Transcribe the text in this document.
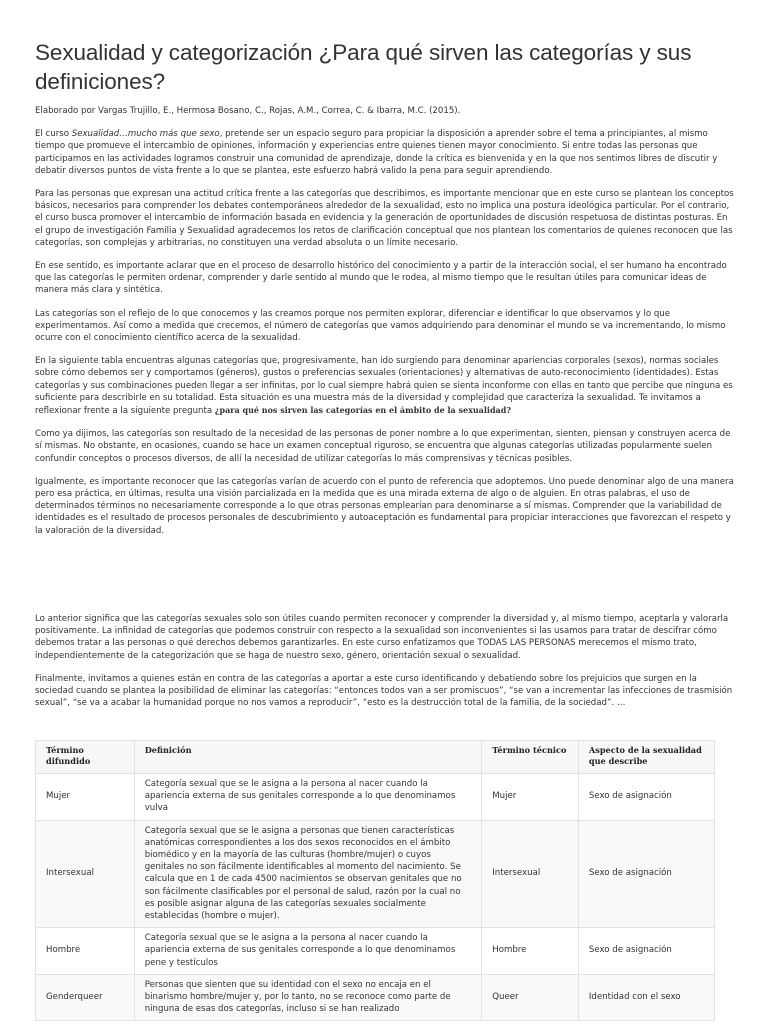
Sexualidad y categorización ¿Para qué sirven las categorías y sus definiciones?

Elaborado por Vargas Trujillo, E., Hermosa Bosano, C., Rojas, A.M., Correa, C. & Ibarra, M.C. (2015).

El curso Sexualidad…mucho más que sexo, pretende ser un espacio seguro para propiciar la disposición a aprender sobre el tema a principiantes, al mismo tiempo que promueve el intercambio de opiniones, información y experiencias entre quienes tienen mayor conocimiento. Si entre todas las personas que participamos en las actividades logramos construir una comunidad de aprendizaje, donde la crítica es bienvenida y en la que nos sentimos libres de discutir y debatir diversos puntos de vista frente a lo que se plantea, este esfuerzo habrá valido la pena para seguir aprendiendo.

Para las personas que expresan una actitud crítica frente a las categorías que describimos, es importante mencionar que en este curso se plantean los conceptos básicos, necesarios para comprender los debates contemporáneos alrededor de la sexualidad, esto no implica una postura ideológica particular. Por el contrario, el curso busca promover el intercambio de información basada en evidencia y la generación de oportunidades de discusión respetuosa de distintas posturas. En el grupo de investigación Familia y Sexualidad agradecemos los retos de clarificación conceptual que nos plantean los comentarios de quienes reconocen que las categorías, son complejas y arbitrarias, no constituyen una verdad absoluta o un límite necesario.

En ese sentido, es importante aclarar que en el proceso de desarrollo histórico del conocimiento y a partir de la interacción social, el ser humano ha encontrado que las categorías le permiten ordenar, comprender y darle sentido al mundo que le rodea, al mismo tiempo que le resultan útiles para comunicar ideas de manera más clara y sintética.

Las categorías son el reflejo de lo que conocemos y las creamos porque nos permiten explorar, diferenciar e identificar lo que observamos y lo que experimentamos. Así como a medida que crecemos, el número de categorías que vamos adquiriendo para denominar el mundo se va incrementando, lo mismo ocurre con el conocimiento científico acerca de la sexualidad.

En la siguiente tabla encuentras algunas categorías que, progresivamente, han ido surgiendo para denominar apariencias corporales (sexos), normas sociales sobre cómo debemos ser y comportamos (géneros), gustos o preferencias sexuales (orientaciones) y alternativas de auto-reconocimiento (identidades). Estas categorías y sus combinaciones pueden llegar a ser infinitas, por lo cual siempre habrá quien se sienta inconforme con ellas en tanto que percibe que ninguna es suficiente para describirle en su totalidad. Esta situación es una muestra más de la diversidad y complejidad que caracteriza la sexualidad. Te invitamos a reflexionar frente a la siguiente pregunta ¿para qué nos sirven las categorías en el ámbito de la sexualidad?

Como ya dijimos, las categorías son resultado de la necesidad de las personas de poner nombre a lo que experimentan, sienten, piensan y construyen acerca de sí mismas. No obstante, en ocasiones, cuando se hace un examen conceptual riguroso, se encuentra que algunas categorías utilizadas popularmente suelen confundir conceptos o procesos diversos, de allí la necesidad de utilizar categorías lo más comprensivas y técnicas posibles.

Igualmente, es importante reconocer que las categorías varían de acuerdo con el punto de referencia que adoptemos. Uno puede denominar algo de una manera pero esa práctica, en últimas, resulta una visión parcializada en la medida que es una mirada externa de algo o de alguien. En otras palabras, el uso de determinados términos no necesariamente corresponde a lo que otras personas emplearían para denominarse a sí mismas. Comprender que la variabilidad de identidades es el resultado de procesos personales de descubrimiento y autoaceptación es fundamental para propiciar interacciones que favorezcan el respeto y la valoración de la diversidad.

Lo anterior significa que las categorías sexuales solo son útiles cuando permiten reconocer y comprender la diversidad y, al mismo tiempo, aceptarla y valorarla positivamente. La infinidad de categorías que podemos construir con respecto a la sexualidad son inconvenientes si las usamos para tratar de descifrar cómo debemos tratar a las personas o qué derechos debemos garantizarles. En este curso enfatizamos que TODAS LAS PERSONAS merecemos el mismo trato, independientemente de la categorización que se haga de nuestro sexo, género, orientación sexual o sexualidad.

Finalmente, invitamos a quienes están en contra de las categorías a aportar a este curso identificando y debatiendo sobre los prejuicios que surgen en la sociedad cuando se plantea la posibilidad de eliminar las categorías: “entonces todos van a ser promiscuos”, “se van a incrementar las infecciones de trasmisión sexual”, “se va a acabar la humanidad porque no nos vamos a reproducir”, “esto es la destrucción total de la familia, de la sociedad”. …

Término difundido	Definición	Término técnico	Aspecto de la sexualidad que describe
Mujer	Categoría sexual que se le asigna a la persona al nacer cuando la apariencia externa de sus genitales corresponde a lo que denominamos vulva	Mujer	Sexo de asignación
Intersexual	Categoría sexual que se le asigna a personas que tienen características anatómicas correspondientes a los dos sexos reconocidos en el ámbito biomédico y en la mayoría de las culturas (hombre/mujer) o cuyos genitales no son fácilmente identificables al momento del nacimiento. Se calcula que en 1 de cada 4500 nacimientos se observan genitales que no son fácilmente clasificables por el personal de salud, razón por la cual no es posible asignar alguna de las categorías sexuales socialmente establecidas (hombre o mujer).	Intersexual	Sexo de asignación
Hombre	Categoría sexual que se le asigna a la persona al nacer cuando la apariencia externa de sus genitales corresponde a lo que denominamos pene y testículos	Hombre	Sexo de asignación
Genderqueer	Personas que sienten que su identidad con el sexo no encaja en el binarismo hombre/mujer y, por lo tanto, no se reconoce como parte de ninguna de esas dos categorías, incluso si se han realizado	Queer	Identidad con el sexo
